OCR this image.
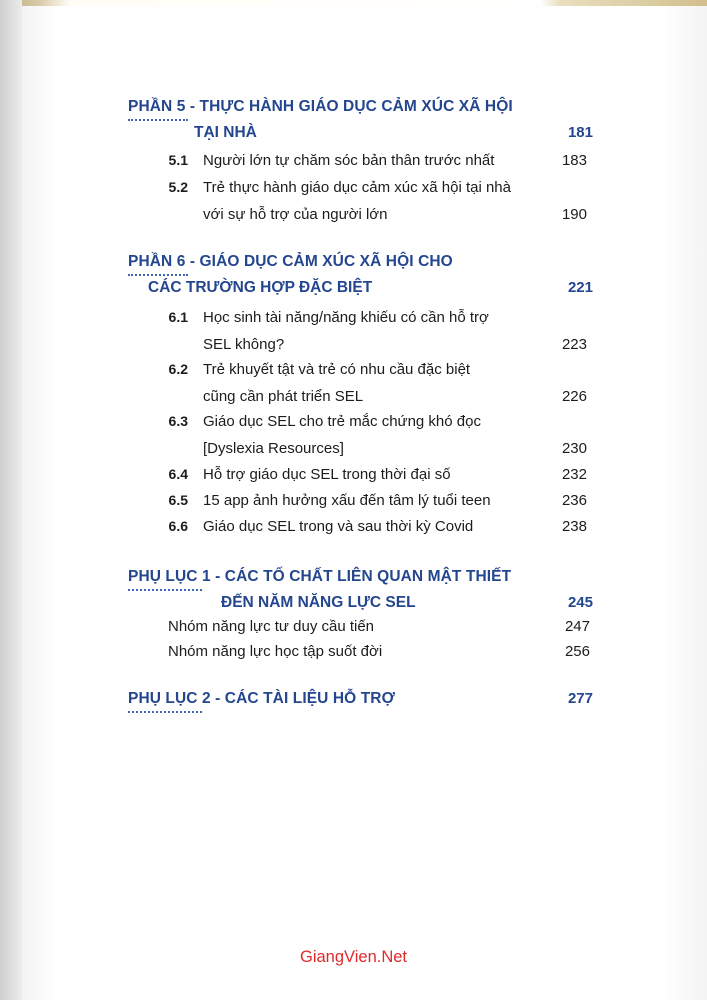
PHẦN 5 - THỰC HÀNH GIÁO DỤC CẢM XÚC XÃ HỘI
TẠI NHÀ	181
5.1 Người lớn tự chăm sóc bản thân trước nhất	183
5.2 Trẻ thực hành giáo dục cảm xúc xã hội tại nhà
với sự hỗ trợ của người lớn	190
PHẦN 6 - GIÁO DỤC CẢM XÚC XÃ HỘI CHO
CÁC TRƯỜNG HỢP ĐẶC BIỆT	221
6.1 Học sinh tài năng/năng khiếu có cần hỗ trợ
SEL không?	223
6.2 Trẻ khuyết tật và trẻ có nhu cầu đặc biệt
cũng cần phát triển SEL	226
6.3 Giáo dục SEL cho trẻ mắc chứng khó đọc
[Dyslexia Resources]	230
6.4 Hỗ trợ giáo dục SEL trong thời đại số	232
6.5 15 app ảnh hưởng xấu đến tâm lý tuổi teen	236
6.6 Giáo dục SEL trong và sau thời kỳ Covid	238
PHỤ LỤC 1 - CÁC TỐ CHẤT LIÊN QUAN MẬT THIẾT
ĐẾN NĂM NĂNG LỰC SEL	245
Nhóm năng lực tư duy cầu tiến	247
Nhóm năng lực học tập suốt đời	256
PHỤ LỤC 2 - CÁC TÀI LIỆU HỖ TRỢ	277
GiangVien.Net
